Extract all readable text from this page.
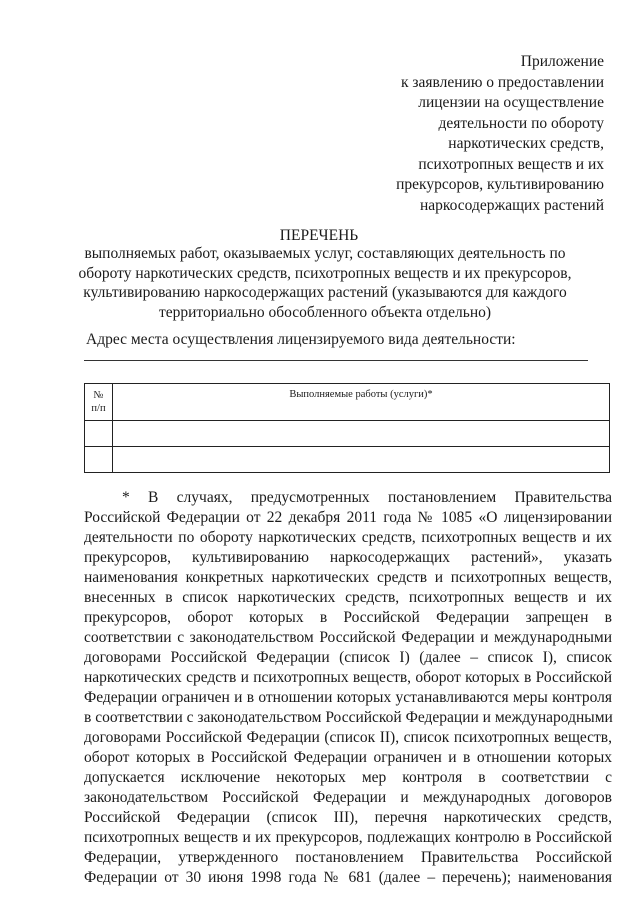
Приложение
к заявлению о предоставлении
лицензии на осуществление
деятельности по обороту
наркотических средств,
психотропных веществ и их
прекурсоров, культивированию
наркосодержащих растений
ПЕРЕЧЕНЬ
выполняемых работ, оказываемых услуг, составляющих деятельность по
обороту наркотических средств, психотропных веществ и их прекурсоров,
культивированию наркосодержащих растений (указываются для каждого
территориально обособленного объекта отдельно)
Адрес места осуществления лицензируемого вида деятельности:
№
п/п	Выполняемые работы (услуги)*

* В случаях, предусмотренных постановлением Правительства
Российской Федерации от 22 декабря 2011 года № 1085 «О лицензировании
деятельности по обороту наркотических средств, психотропных веществ и их
прекурсоров, культивированию наркосодержащих растений», указать
наименования конкретных наркотических средств и психотропных веществ,
внесенных в список наркотических средств, психотропных веществ и их
прекурсоров, оборот которых в Российской Федерации запрещен в
соответствии с законодательством Российской Федерации и международными
договорами Российской Федерации (список I) (далее – список I), список
наркотических средств и психотропных веществ, оборот которых в Российской
Федерации ограничен и в отношении которых устанавливаются меры контроля
в соответствии с законодательством Российской Федерации и международными
договорами Российской Федерации (список II), список психотропных веществ,
оборот которых в Российской Федерации ограничен и в отношении которых
допускается исключение некоторых мер контроля в соответствии с
законодательством Российской Федерации и международных договоров
Российской Федерации (список III), перечня наркотических средств,
психотропных веществ и их прекурсоров, подлежащих контролю в Российской
Федерации, утвержденного постановлением Правительства Российской
Федерации от 30 июня 1998 года № 681 (далее – перечень); наименования
